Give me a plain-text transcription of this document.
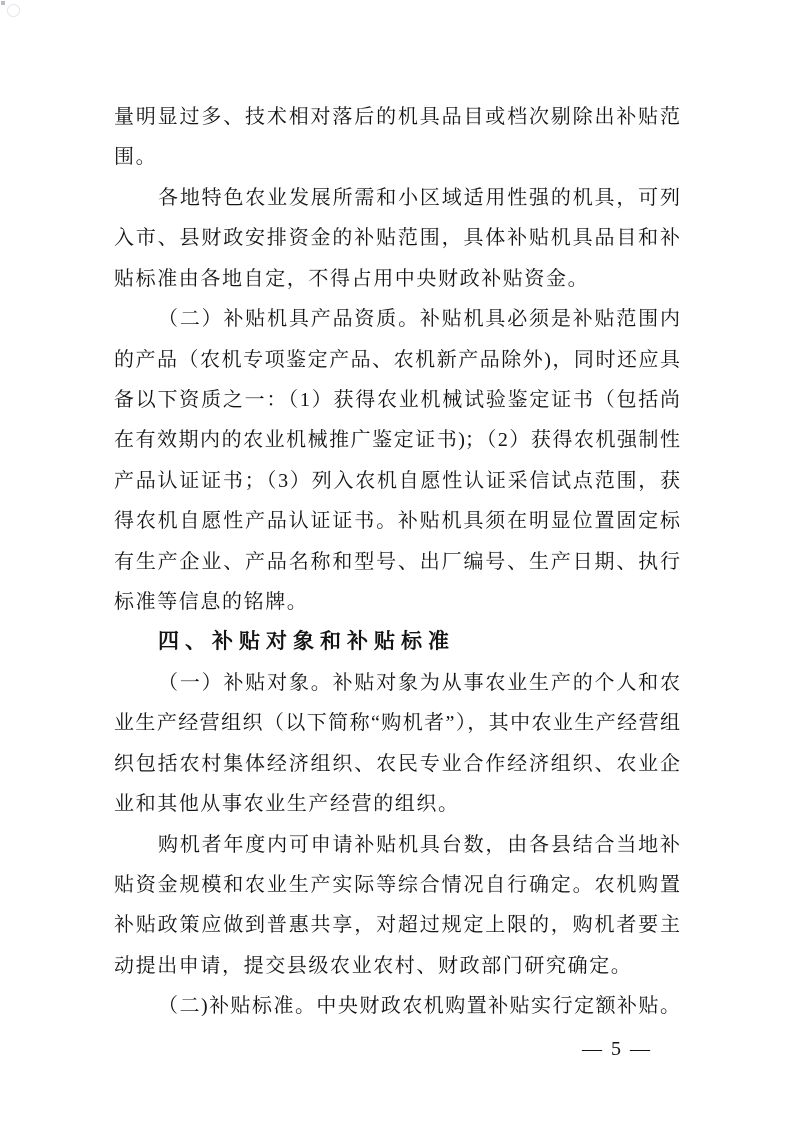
量明显过多、技术相对落后的机具品目或档次剔除出补贴范
围。
各地特色农业发展所需和小区域适用性强的机具，可列
入市、县财政安排资金的补贴范围，具体补贴机具品目和补
贴标准由各地自定，不得占用中央财政补贴资金。
（二）补贴机具产品资质。补贴机具必须是补贴范围内
的产品（农机专项鉴定产品、农机新产品除外)，同时还应具
备以下资质之一：（1）获得农业机械试验鉴定证书（包括尚
在有效期内的农业机械推广鉴定证书)；（2）获得农机强制性
产品认证证书；（3）列入农机自愿性认证采信试点范围，获
得农机自愿性产品认证证书。补贴机具须在明显位置固定标
有生产企业、产品名称和型号、出厂编号、生产日期、执行
标准等信息的铭牌。
四、补贴对象和补贴标准
（一）补贴对象。补贴对象为从事农业生产的个人和农
业生产经营组织（以下简称“购机者”），其中农业生产经营组
织包括农村集体经济组织、农民专业合作经济组织、农业企
业和其他从事农业生产经营的组织。
购机者年度内可申请补贴机具台数，由各县结合当地补
贴资金规模和农业生产实际等综合情况自行确定。农机购置
补贴政策应做到普惠共享，对超过规定上限的，购机者要主
动提出申请，提交县级农业农村、财政部门研究确定。
（二)补贴标准。中央财政农机购置补贴实行定额补贴。
— 5 —
